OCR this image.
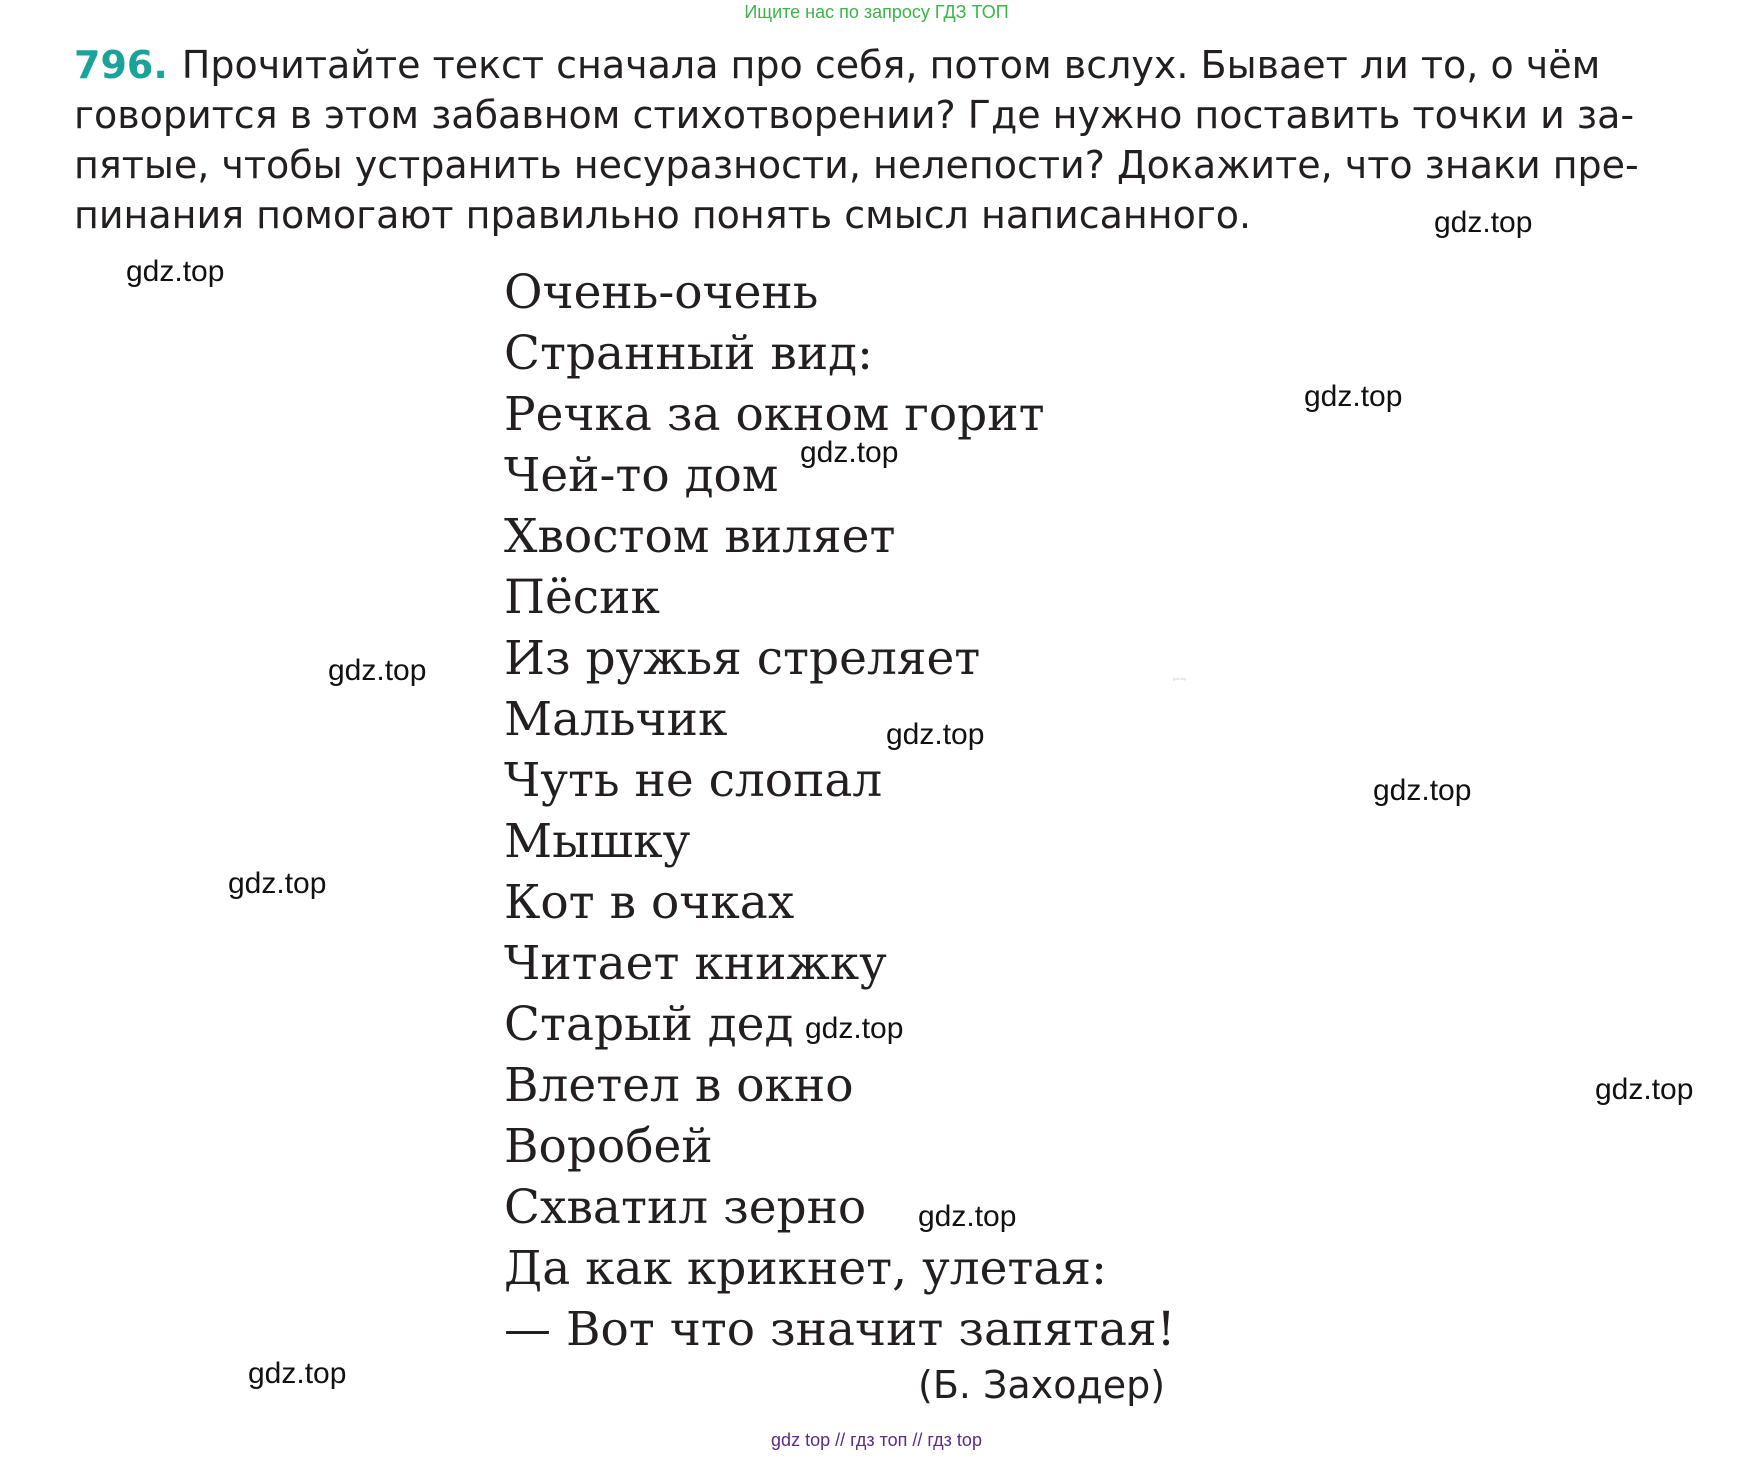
Ищите нас по запросу ГДЗ ТОП
796. Прочитайте текст сначала про себя, потом вслух. Бывает ли то, о чём
говорится в этом забавном стихотворении? Где нужно поставить точки и за-
пятые, чтобы устранить несуразности, нелепости? Докажите, что знаки пре-
пинания помогают правильно понять смысл написанного.
Очень-очень
Странный вид:
Речка за окном горит
Чей-то дом
Хвостом виляет
Пёсик
Из ружья стреляет
Мальчик
Чуть не слопал
Мышку
Кот в очках
Читает книжку
Старый дед
Влетел в окно
Воробей
Схватил зерно
Да как крикнет, улетая:
— Вот что значит запятая!
(Б. Заходер)
gdz.top
gdz.top
gdz.top
gdz.top
gdz.top
gdz.top
gdz.top
gdz.top
gdz.top
gdz.top
gdz.top
gdz.top
gdz.top
gdz top // гдз топ // гдз top
